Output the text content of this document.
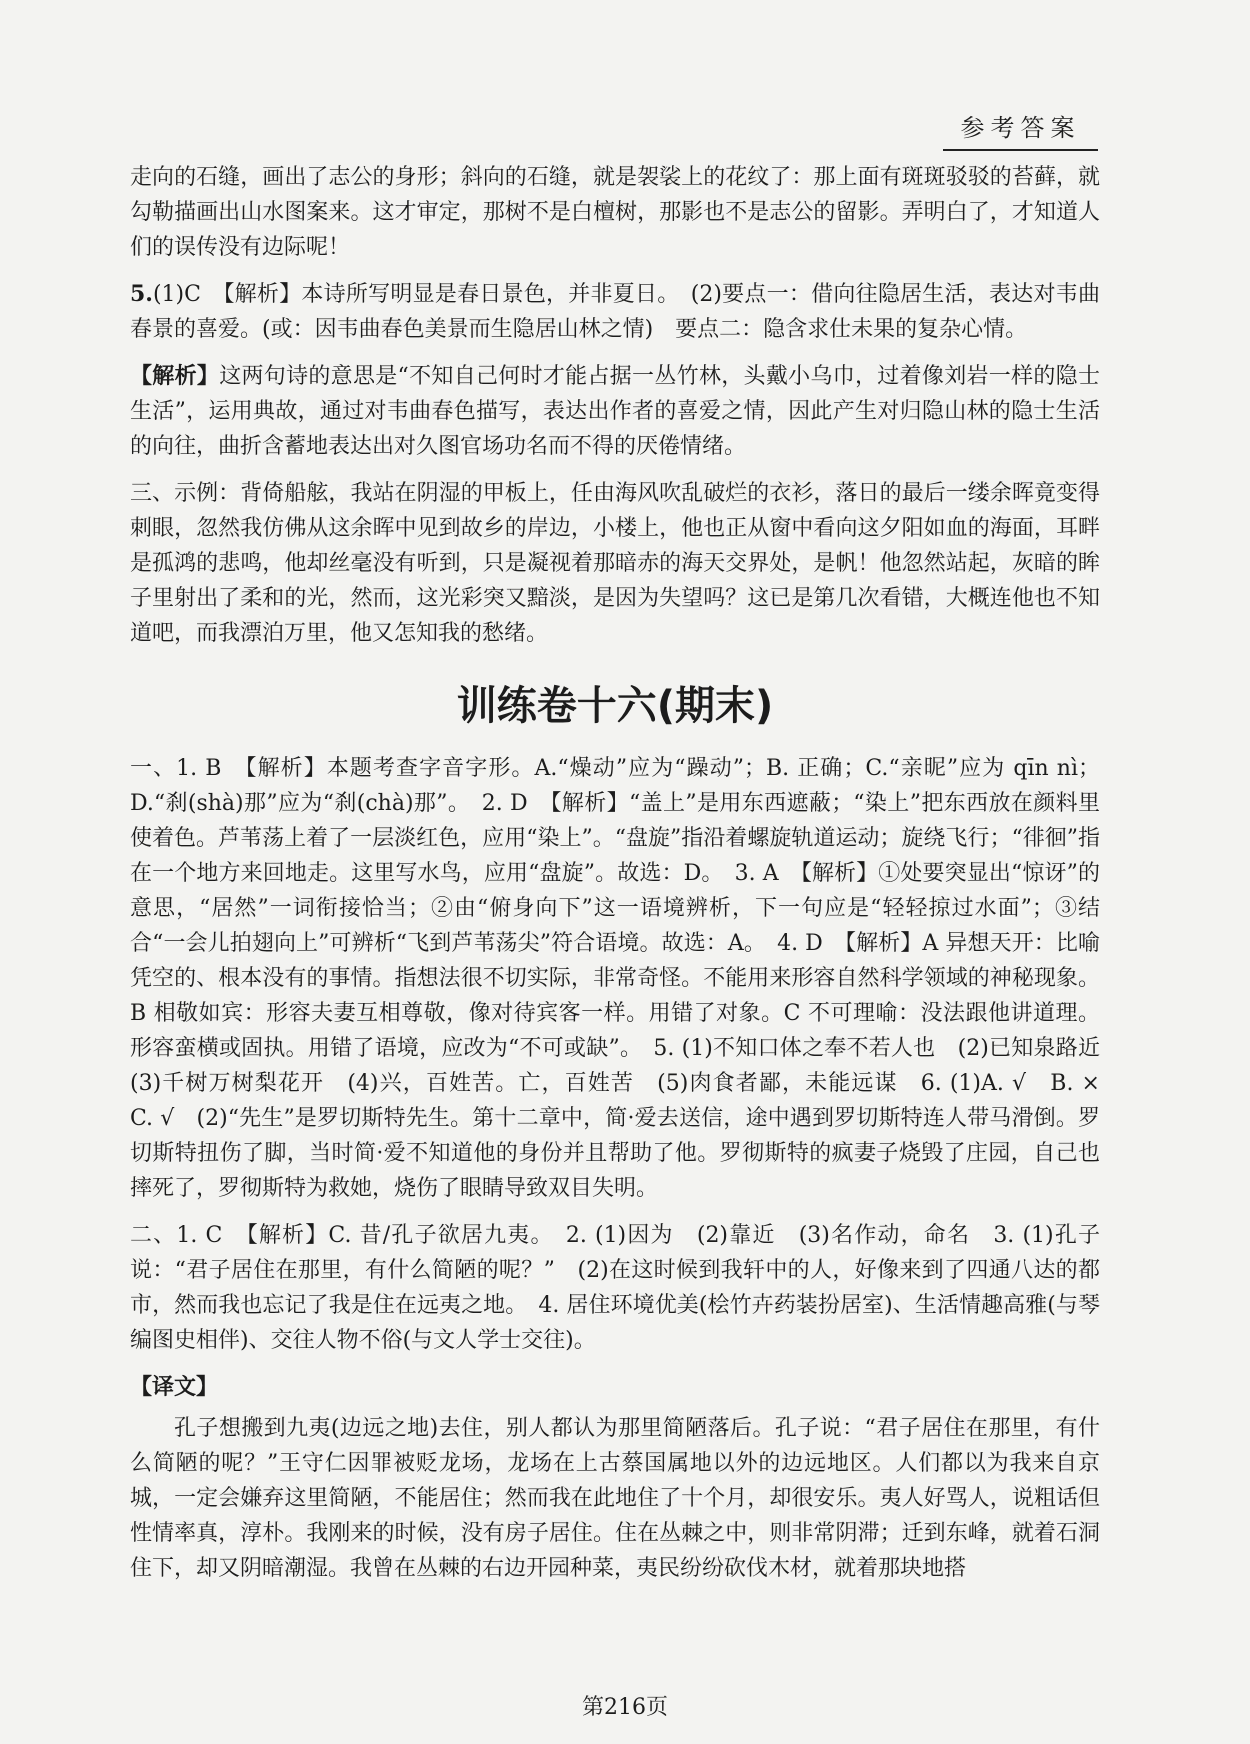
参考答案

走向的石缝，画出了志公的身形；斜向的石缝，就是袈裟上的花纹了：那上面有斑斑驳驳的苔藓，就勾勒描画出山水图案来。这才审定，那树不是白檀树，那影也不是志公的留影。弄明白了，才知道人们的误传没有边际呢！

5.(1)C　【解析】本诗所写明显是春日景色，并非夏日。　(2)要点一：借向往隐居生活，表达对韦曲春景的喜爱。(或：因韦曲春色美景而生隐居山林之情)　要点二：隐含求仕未果的复杂心情。

【解析】这两句诗的意思是“不知自己何时才能占据一丛竹林，头戴小乌巾，过着像刘岩一样的隐士生活”，运用典故，通过对韦曲春色描写，表达出作者的喜爱之情，因此产生对归隐山林的隐士生活的向往，曲折含蓄地表达出对久图官场功名而不得的厌倦情绪。

三、示例：背倚船舷，我站在阴湿的甲板上，任由海风吹乱破烂的衣衫，落日的最后一缕余晖竟变得刺眼，忽然我仿佛从这余晖中见到故乡的岸边，小楼上，他也正从窗中看向这夕阳如血的海面，耳畔是孤鸿的悲鸣，他却丝毫没有听到，只是凝视着那暗赤的海天交界处，是帆！他忽然站起，灰暗的眸子里射出了柔和的光，然而，这光彩突又黯淡，是因为失望吗？这已是第几次看错，大概连他也不知道吧，而我漂泊万里，他又怎知我的愁绪。

训练卷十六(期末)

一、1. B　【解析】本题考查字音字形。A.“燥动”应为“躁动”；B. 正确；C.“亲昵”应为 qīn nì；D.“刹(shà)那”应为“刹(chà)那”。　2. D　【解析】“盖上”是用东西遮蔽；“染上”把东西放在颜料里使着色。芦苇荡上着了一层淡红色，应用“染上”。“盘旋”指沿着螺旋轨道运动；旋绕飞行；“徘徊”指在一个地方来回地走。这里写水鸟，应用“盘旋”。故选：D。　3. A　【解析】①处要突显出“惊讶”的意思，“居然”一词衔接恰当；②由“俯身向下”这一语境辨析，下一句应是“轻轻掠过水面”；③结合“一会儿拍翅向上”可辨析“飞到芦苇荡尖”符合语境。故选：A。　4. D　【解析】A 异想天开：比喻凭空的、根本没有的事情。指想法很不切实际，非常奇怪。不能用来形容自然科学领域的神秘现象。B 相敬如宾：形容夫妻互相尊敬，像对待宾客一样。用错了对象。C 不可理喻：没法跟他讲道理。形容蛮横或固执。用错了语境，应改为“不可或缺”。　5. (1)不知口体之奉不若人也　(2)已知泉路近　(3)千树万树梨花开　(4)兴，百姓苦。亡，百姓苦　(5)肉食者鄙，未能远谋　6. (1)A. √　B. ×　C. √　(2)“先生”是罗切斯特先生。第十二章中，简·爱去送信，途中遇到罗切斯特连人带马滑倒。罗切斯特扭伤了脚，当时简·爱不知道他的身份并且帮助了他。罗彻斯特的疯妻子烧毁了庄园，自己也摔死了，罗彻斯特为救她，烧伤了眼睛导致双目失明。

二、1. C　【解析】C. 昔/孔子欲居九夷。　2. (1)因为　(2)靠近　(3)名作动，命名　3. (1)孔子说：“君子居住在那里，有什么简陋的呢？”　(2)在这时候到我轩中的人，好像来到了四通八达的都市，然而我也忘记了我是住在远夷之地。　4. 居住环境优美(桧竹卉药装扮居室)、生活情趣高雅(与琴编图史相伴)、交往人物不俗(与文人学士交往)。

【译文】

孔子想搬到九夷(边远之地)去住，别人都认为那里简陋落后。孔子说：“君子居住在那里，有什么简陋的呢？”王守仁因罪被贬龙场，龙场在上古蔡国属地以外的边远地区。人们都以为我来自京城，一定会嫌弃这里简陋，不能居住；然而我在此地住了十个月，却很安乐。夷人好骂人，说粗话但性情率真，淳朴。我刚来的时候，没有房子居住。住在丛棘之中，则非常阴滞；迁到东峰，就着石洞住下，却又阴暗潮湿。我曾在丛棘的右边开园种菜，夷民纷纷砍伐木材，就着那块地搭

第216页
